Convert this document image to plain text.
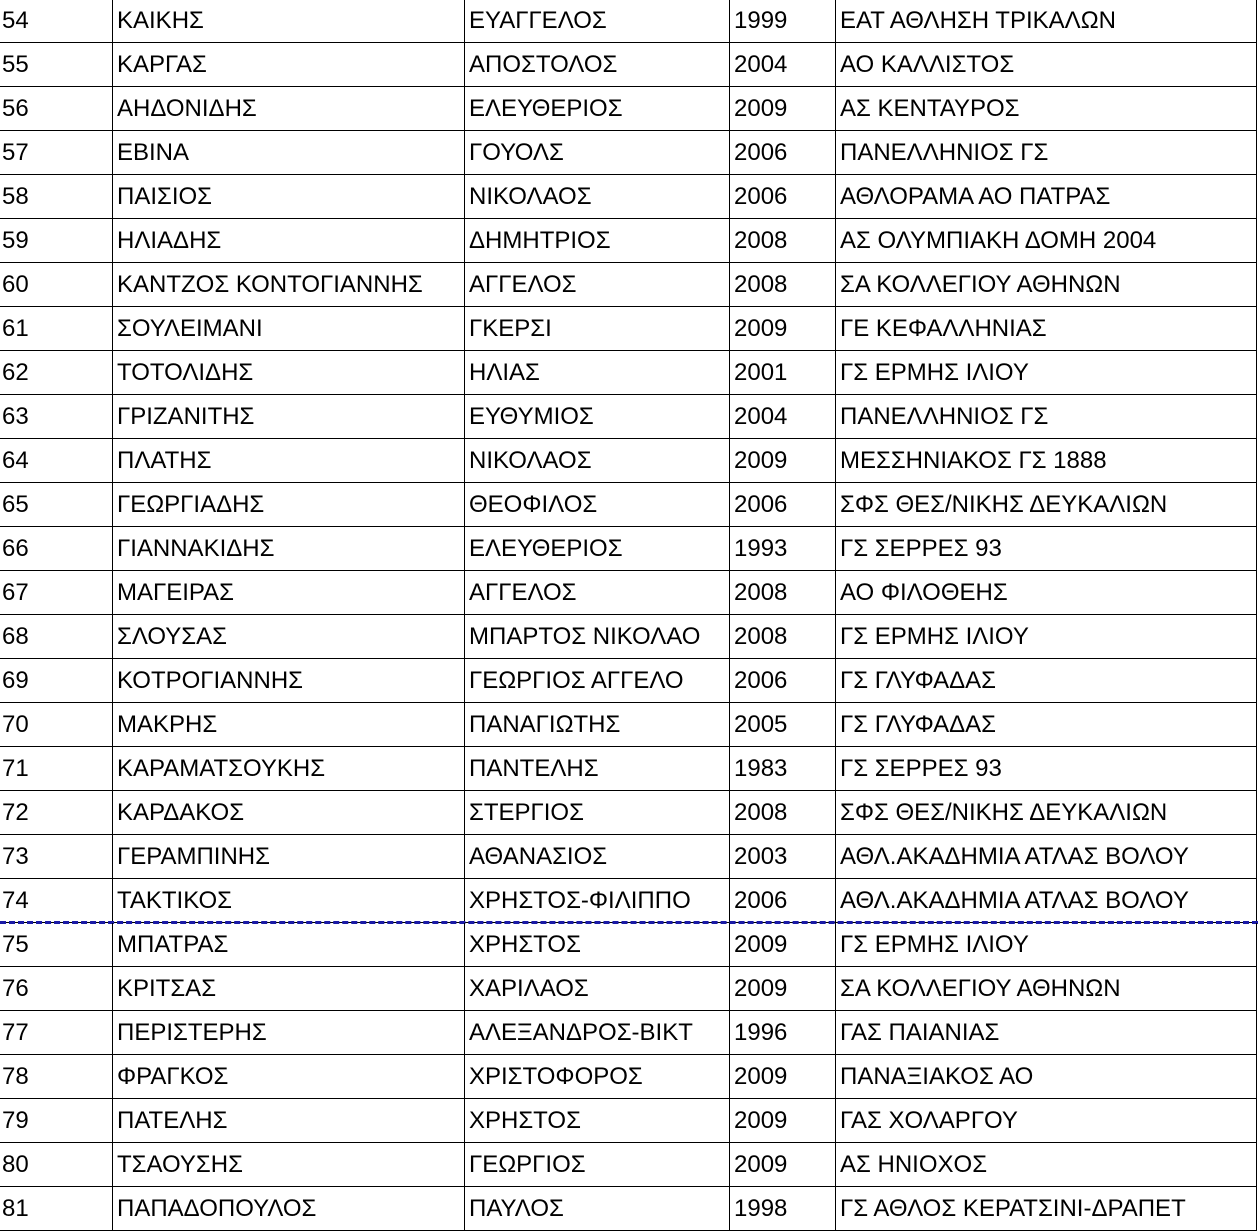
54	ΚΑΙΚΗΣ	ΕΥΑΓΓΕΛΟΣ	1999	ΕΑΤ ΑΘΛΗΣΗ ΤΡΙΚΑΛΩΝ
55	ΚΑΡΓΑΣ	ΑΠΟΣΤΟΛΟΣ	2004	ΑΟ ΚΑΛΛΙΣΤΟΣ
56	ΑΗΔΟΝΙΔΗΣ	ΕΛΕΥΘΕΡΙΟΣ	2009	ΑΣ ΚΕΝΤΑΥΡΟΣ
57	ΕΒΙΝΑ	ΓΟΥΟΛΣ	2006	ΠΑΝΕΛΛΗΝΙΟΣ ΓΣ
58	ΠΑΙΣΙΟΣ	ΝΙΚΟΛΑΟΣ	2006	ΑΘΛΟΡΑΜΑ ΑΟ ΠΑΤΡΑΣ
59	ΗΛΙΑΔΗΣ	ΔΗΜΗΤΡΙΟΣ	2008	ΑΣ ΟΛΥΜΠΙΑΚΗ ΔΟΜΗ 2004
60	ΚΑΝΤΖΟΣ ΚΟΝΤΟΓΙΑΝΝΗΣ	ΑΓΓΕΛΟΣ	2008	ΣΑ ΚΟΛΛΕΓΙΟΥ ΑΘΗΝΩΝ
61	ΣΟΥΛΕΙΜΑΝΙ	ΓΚΕΡΣΙ	2009	ΓΕ ΚΕΦΑΛΛΗΝΙΑΣ
62	ΤΟΤΟΛΙΔΗΣ	ΗΛΙΑΣ	2001	ΓΣ ΕΡΜΗΣ ΙΛΙΟΥ
63	ΓΡΙΖΑΝΙΤΗΣ	ΕΥΘΥΜΙΟΣ	2004	ΠΑΝΕΛΛΗΝΙΟΣ ΓΣ
64	ΠΛΑΤΗΣ	ΝΙΚΟΛΑΟΣ	2009	ΜΕΣΣΗΝΙΑΚΟΣ ΓΣ 1888
65	ΓΕΩΡΓΙΑΔΗΣ	ΘΕΟΦΙΛΟΣ	2006	ΣΦΣ ΘΕΣ/ΝΙΚΗΣ ΔΕΥΚΑΛΙΩΝ
66	ΓΙΑΝΝΑΚΙΔΗΣ	ΕΛΕΥΘΕΡΙΟΣ	1993	ΓΣ ΣΕΡΡΕΣ 93
67	ΜΑΓΕΙΡΑΣ	ΑΓΓΕΛΟΣ	2008	ΑΟ ΦΙΛΟΘΕΗΣ
68	ΣΛΟΥΣΑΣ	ΜΠΑΡΤΟΣ ΝΙΚΟΛΑΟ	2008	ΓΣ ΕΡΜΗΣ ΙΛΙΟΥ
69	ΚΟΤΡΟΓΙΑΝΝΗΣ	ΓΕΩΡΓΙΟΣ ΑΓΓΕΛΟ	2006	ΓΣ ΓΛΥΦΑΔΑΣ
70	ΜΑΚΡΗΣ	ΠΑΝΑΓΙΩΤΗΣ	2005	ΓΣ ΓΛΥΦΑΔΑΣ
71	ΚΑΡΑΜΑΤΣΟΥΚΗΣ	ΠΑΝΤΕΛΗΣ	1983	ΓΣ ΣΕΡΡΕΣ 93
72	ΚΑΡΔΑΚΟΣ	ΣΤΕΡΓΙΟΣ	2008	ΣΦΣ ΘΕΣ/ΝΙΚΗΣ ΔΕΥΚΑΛΙΩΝ
73	ΓΕΡΑΜΠΙΝΗΣ	ΑΘΑΝΑΣΙΟΣ	2003	ΑΘΛ.ΑΚΑΔΗΜΙΑ ΑΤΛΑΣ ΒΟΛΟΥ
74	ΤΑΚΤΙΚΟΣ	ΧΡΗΣΤΟΣ-ΦΙΛΙΠΠΟ	2006	ΑΘΛ.ΑΚΑΔΗΜΙΑ ΑΤΛΑΣ ΒΟΛΟΥ
75	ΜΠΑΤΡΑΣ	ΧΡΗΣΤΟΣ	2009	ΓΣ ΕΡΜΗΣ ΙΛΙΟΥ
76	ΚΡΙΤΣΑΣ	ΧΑΡΙΛΑΟΣ	2009	ΣΑ ΚΟΛΛΕΓΙΟΥ ΑΘΗΝΩΝ
77	ΠΕΡΙΣΤΕΡΗΣ	ΑΛΕΞΑΝΔΡΟΣ-ΒΙΚΤ	1996	ΓΑΣ ΠΑΙΑΝΙΑΣ
78	ΦΡΑΓΚΟΣ	ΧΡΙΣΤΟΦΟΡΟΣ	2009	ΠΑΝΑΞΙΑΚΟΣ ΑΟ
79	ΠΑΤΕΛΗΣ	ΧΡΗΣΤΟΣ	2009	ΓΑΣ ΧΟΛΑΡΓΟΥ
80	ΤΣΑΟΥΣΗΣ	ΓΕΩΡΓΙΟΣ	2009	ΑΣ ΗΝΙΟΧΟΣ
81	ΠΑΠΑΔΟΠΟΥΛΟΣ	ΠΑΥΛΟΣ	1998	ΓΣ ΑΘΛΟΣ ΚΕΡΑΤΣΙΝΙ-ΔΡΑΠΕΤ
